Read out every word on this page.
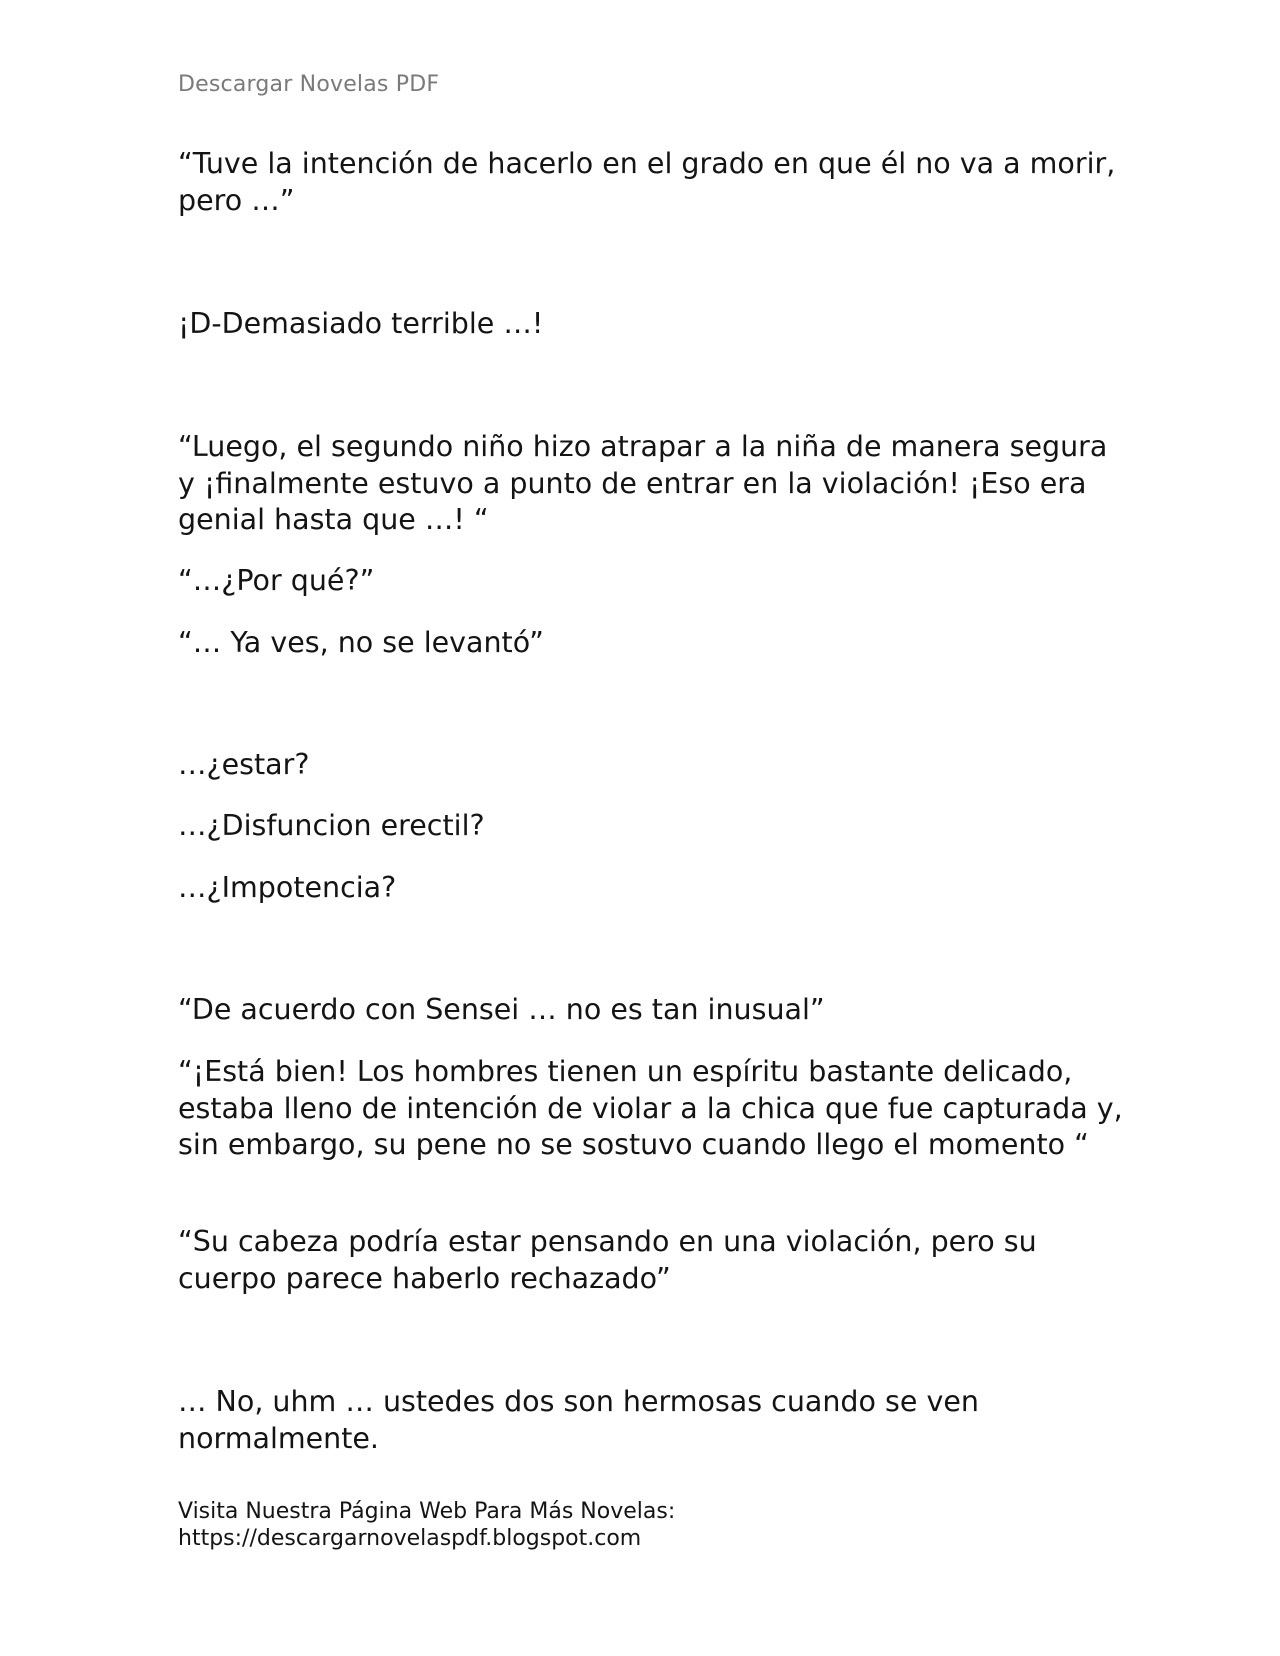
Descargar Novelas PDF

“Tuve la intención de hacerlo en el grado en que él no va a morir, pero …”

¡D-Demasiado terrible …!

“Luego, el segundo niño hizo atrapar a la niña de manera segura y ¡finalmente estuvo a punto de entrar en la violación! ¡Eso era genial hasta que …! “

“…¿Por qué?”

“… Ya ves, no se levantó”

…¿estar?

…¿Disfuncion erectil?

…¿Impotencia?

“De acuerdo con Sensei … no es tan inusual”

“¡Está bien! Los hombres tienen un espíritu bastante delicado, estaba lleno de intención de violar a la chica que fue capturada y, sin embargo, su pene no se sostuvo cuando llego el momento “

“Su cabeza podría estar pensando en una violación, pero su cuerpo parece haberlo rechazado”

… No, uhm … ustedes dos son hermosas cuando se ven normalmente.

Visita Nuestra Página Web Para Más Novelas:
https://descargarnovelaspdf.blogspot.com
